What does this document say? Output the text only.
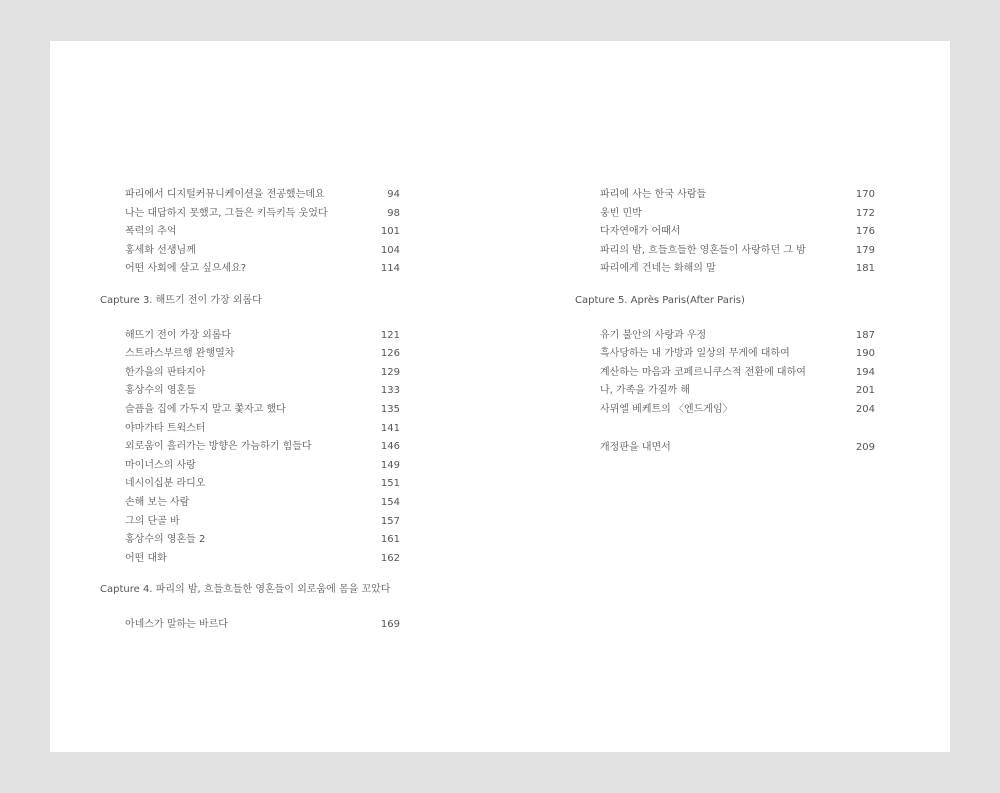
파리에서 디지털커뮤니케이션을 전공했는데요	94
나는 대답하지 못했고, 그들은 키득키득 웃었다	98
폭력의 추억	101
홍세화 선생님께	104
어떤 사회에 살고 싶으세요?	114
Capture 3. 해뜨기 전이 가장 외롭다
해뜨기 전이 가장 외롭다	121
스트라스부르행 완행열차	126
한가을의 판타지아	129
홍상수의 영혼들	133
슬픔을 집에 가두지 말고 쫓자고 했다	135
야마가타 트윅스터	141
외로움이 흘러가는 방향은 가늠하기 힘들다	146
마이너스의 사랑	149
네시이십분 라디오	151
손해 보는 사람	154
그의 단골 바	157
홍상수의 영혼들 2	161
어떤 대화	162
Capture 4. 파리의 밤, 흐들흐들한 영혼들이 외로움에 몸을 꼬았다
아네스가 말하는 바르다	169
파리에 사는 한국 사람들	170
웅빈 민박	172
다자연애가 어때서	176
파리의 밤, 흐들흐들한 영혼들이 사랑하던 그 밤	179
파리에게 건네는 화해의 말	181
Capture 5. Après Paris(After Paris)
유기 불안의 사랑과 우정	187
흑사당하는 내 가방과 일상의 무게에 대하여	190
계산하는 마음과 코페르니쿠스적 전환에 대하여	194
나, 가족을 가질까 해	201
사뮈엘 베케트의 〈엔드게임〉	204
개정판을 내면서	209
